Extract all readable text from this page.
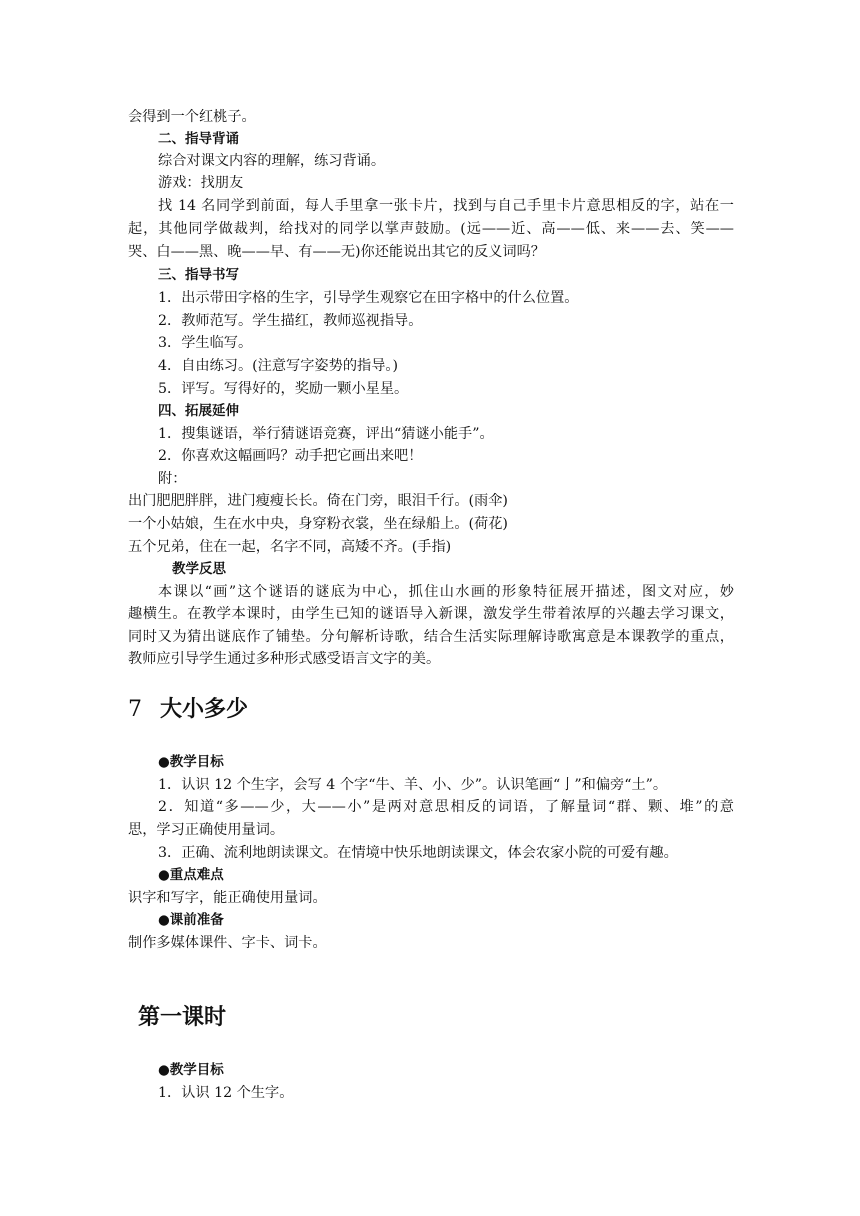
会得到一个红桃子。
二、指导背诵
综合对课文内容的理解，练习背诵。
游戏：找朋友
找 14 名同学到前面，每人手里拿一张卡片，找到与自己手里卡片意思相反的字，站在一
起，其他同学做裁判，给找对的同学以掌声鼓励。(远——近、高——低、来——去、笑——
哭、白——黑、晚——早、有——无)你还能说出其它的反义词吗？
三、指导书写
1．出示带田字格的生字，引导学生观察它在田字格中的什么位置。
2．教师范写。学生描红，教师巡视指导。
3．学生临写。
4．自由练习。(注意写字姿势的指导。)
5．评写。写得好的，奖励一颗小星星。
四、拓展延伸
1．搜集谜语，举行猜谜语竞赛，评出“猜谜小能手”。
2．你喜欢这幅画吗？动手把它画出来吧！
附：
出门肥肥胖胖，进门瘦瘦长长。倚在门旁，眼泪千行。(雨伞)
一个小姑娘，生在水中央，身穿粉衣裳，坐在绿船上。(荷花)
五个兄弟，住在一起，名字不同，高矮不齐。(手指)
教学反思
本课以“画”这个谜语的谜底为中心，抓住山水画的形象特征展开描述，图文对应，妙
趣横生。在教学本课时，由学生已知的谜语导入新课，激发学生带着浓厚的兴趣去学习课文，
同时又为猜出谜底作了铺垫。分句解析诗歌，结合生活实际理解诗歌寓意是本课教学的重点，
教师应引导学生通过多种形式感受语言文字的美。
7 大小多少
●教学目标
1．认识 12 个生字，会写 4 个字“牛、羊、小、少”。认识笔画“亅”和偏旁“土”。
2．知道“多——少，大——小”是两对意思相反的词语，了解量词“群、颗、堆”的意
思，学习正确使用量词。
3．正确、流利地朗读课文。在情境中快乐地朗读课文，体会农家小院的可爱有趣。
●重点难点
识字和写字，能正确使用量词。
●课前准备
制作多媒体课件、字卡、词卡。
第一课时
●教学目标
1．认识 12 个生字。
